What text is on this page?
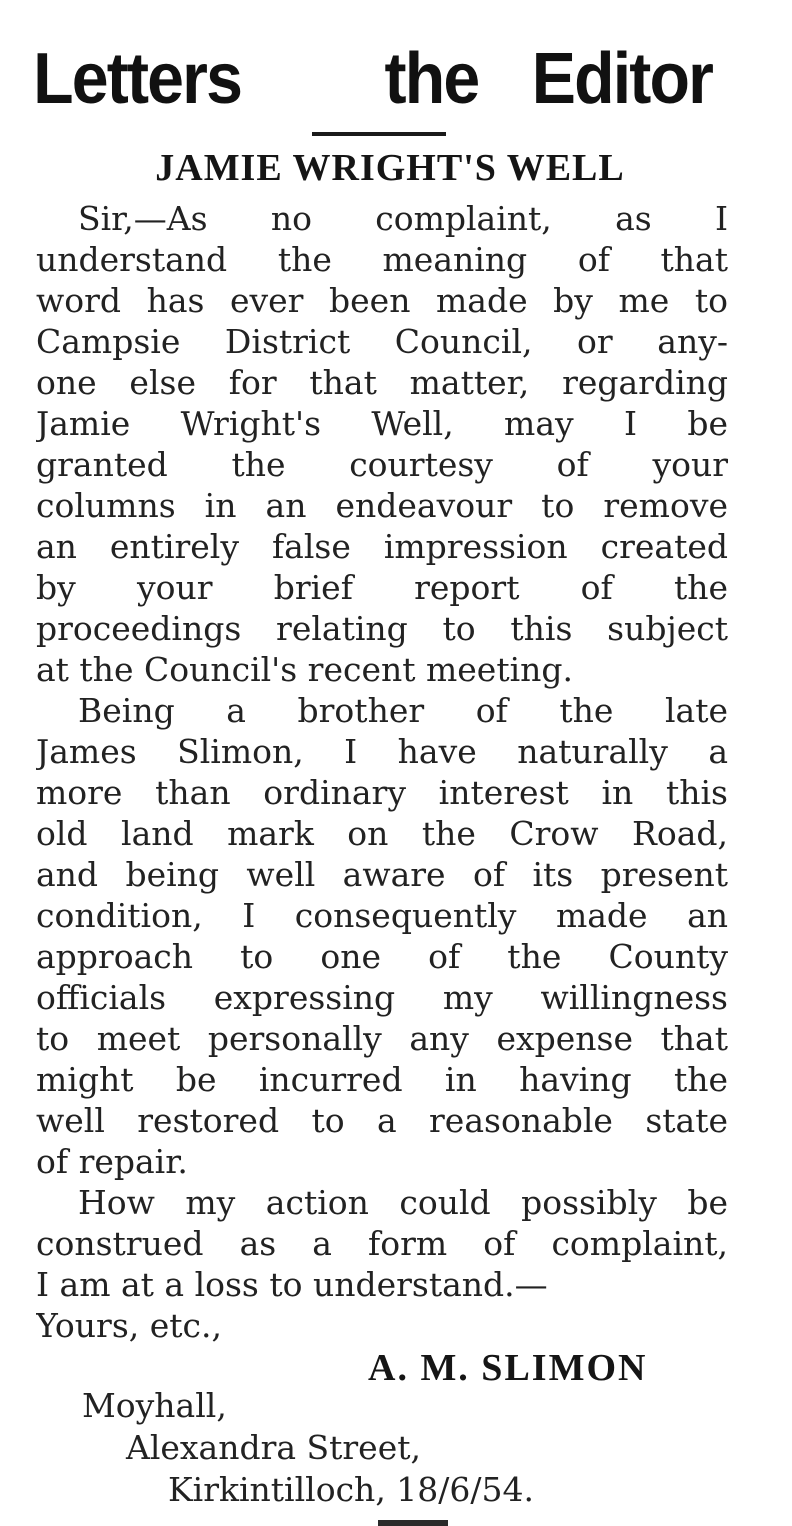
Letters the Editor
JAMIE WRIGHT'S WELL
Sir,—As no complaint, as I
understand the meaning of that
word has ever been made by me to
Campsie District Council, or any-
one else for that matter, regarding
Jamie Wright's Well, may I be
granted the courtesy of your
columns in an endeavour to remove
an entirely false impression created
by your brief report of the
proceedings relating to this subject
at the Council's recent meeting.
Being a brother of the late
James Slimon, I have naturally a
more than ordinary interest in this
old land mark on the Crow Road,
and being well aware of its present
condition, I consequently made an
approach to one of the County
officials expressing my willingness
to meet personally any expense that
might be incurred in having the
well restored to a reasonable state
of repair.
How my action could possibly be
construed as a form of complaint,
I am at a loss to understand.—
Yours, etc.,
A. M. SLIMON
Moyhall,
Alexandra Street,
Kirkintilloch, 18/6/54.
